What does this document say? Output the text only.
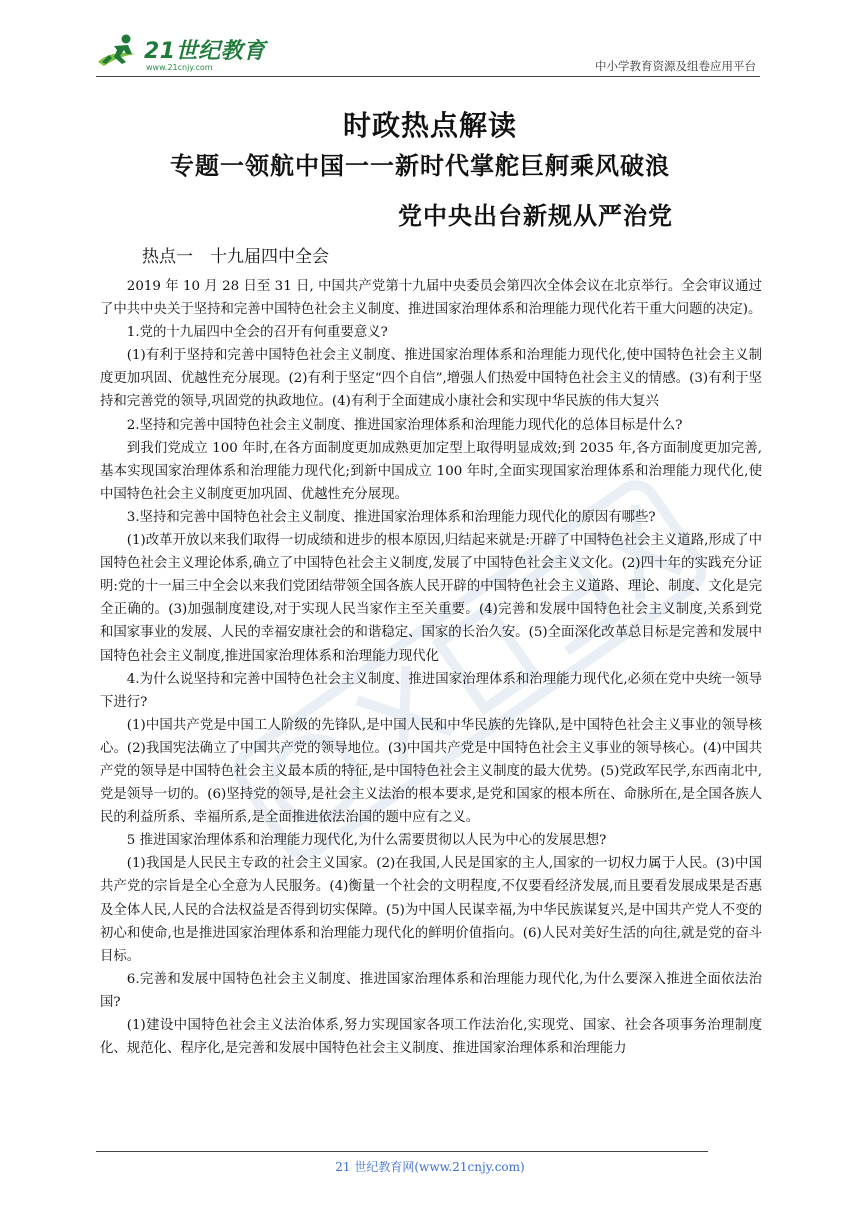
21世纪教育
www.21cnjy.com	中小学教育资源及组卷应用平台
时政热点解读
专题一领航中国一一新时代掌舵巨舸乘风破浪
党中央出台新规从严治党
热点一　十九届四中全会

2019 年 10 月 28 日至 31 日, 中国共产党第十九届中央委员会第四次全体会议在北京举行。全会审议通过了中共中央关于坚持和完善中国特色社会主义制度、推进国家治理体系和治理能力现代化若干重大问题的决定)。

1.党的十九届四中全会的召开有何重要意义?

(1)有利于坚持和完善中国特色社会主义制度、推进国家治理体系和治理能力现代化,使中国特色社会主义制度更加巩固、优越性充分展现。(2)有利于坚定“四个自信”,增强人们热爱中国特色社会主义的情感。(3)有利于坚持和完善党的领导,巩固党的执政地位。(4)有利于全面建成小康社会和实现中华民族的伟大复兴

2.坚持和完善中国特色社会主义制度、推进国家治理体系和治理能力现代化的总体目标是什么?

到我们党成立 100 年时,在各方面制度更加成熟更加定型上取得明显成效;到 2035 年,各方面制度更加完善,基本实现国家治理体系和治理能力现代化;到新中国成立 100 年时,全面实现国家治理体系和治理能力现代化,使中国特色社会主义制度更加巩固、优越性充分展现。

3.坚持和完善中国特色社会主义制度、推进国家治理体系和治理能力现代化的原因有哪些?

(1)改革开放以来我们取得一切成绩和进步的根本原因,归结起来就是:开辟了中国特色社会主义道路,形成了中国特色社会主义理论体系,确立了中国特色社会主义制度,发展了中国特色社会主义文化。(2)四十年的实践充分证明:党的十一届三中全会以来我们党团结带领全国各族人民开辟的中国特色社会主义道路、理论、制度、文化是完全正确的。(3)加强制度建设,对于实现人民当家作主至关重要。(4)完善和发展中国特色社会主义制度,关系到党和国家事业的发展、人民的幸福安康社会的和谐稳定、国家的长治久安。(5)全面深化改革总目标是完善和发展中国特色社会主义制度,推进国家治理体系和治理能力现代化

4.为什么说坚持和完善中国特色社会主义制度、推进国家治理体系和治理能力现代化,必须在党中央统一领导下进行?

(1)中国共产党是中国工人阶级的先锋队,是中国人民和中华民族的先锋队,是中国特色社会主义事业的领导核心。(2)我国宪法确立了中国共产党的领导地位。(3)中国共产党是中国特色社会主义事业的领导核心。(4)中国共产党的领导是中国特色社会主义最本质的特征,是中国特色社会主义制度的最大优势。(5)党政军民学,东西南北中,党是领导一切的。(6)坚持党的领导,是社会主义法治的根本要求,是党和国家的根本所在、命脉所在,是全国各族人民的利益所系、幸福所系,是全面推进依法治国的题中应有之义。

5 推进国家治理体系和治理能力现代化,为什么需要贯彻以人民为中心的发展思想?

(1)我国是人民民主专政的社会主义国家。(2)在我国,人民是国家的主人,国家的一切权力属于人民。(3)中国共产党的宗旨是全心全意为人民服务。(4)衡量一个社会的文明程度,不仅要看经济发展,而且要看发展成果是否惠及全体人民,人民的合法权益是否得到切实保障。(5)为中国人民谋幸福,为中华民族谋复兴,是中国共产党人不变的初心和使命,也是推进国家治理体系和治理能力现代化的鲜明价值指向。(6)人民对美好生活的向往,就是党的奋斗目标。

6.完善和发展中国特色社会主义制度、推进国家治理体系和治理能力现代化,为什么要深入推进全面依法治国?

(1)建设中国特色社会主义法治体系,努力实现国家各项工作法治化,实现党、国家、社会各项事务治理制度化、规范化、程序化,是完善和发展中国特色社会主义制度、推进国家治理体系和治理能力

21 世纪教育网(www.21cnjy.com)
